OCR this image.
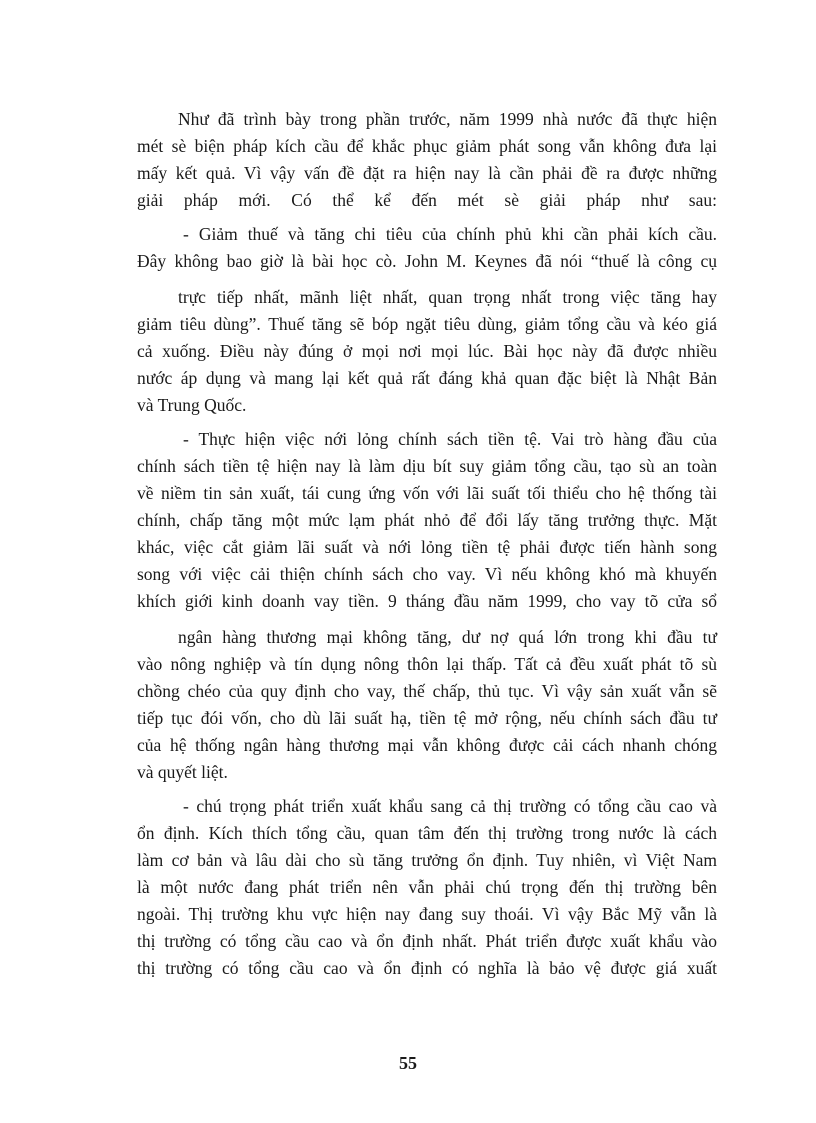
Như đã trình bày trong phần trước, năm 1999 nhà nước đã thực hiện

mét sè biện pháp kích cầu để khắc phục giảm phát song vẫn không đưa lại

mấy kết quả. Vì vậy vấn đề đặt ra hiện nay là cần phải đề ra được những

giải pháp mới. Có thể kể đến mét sè giải pháp như sau:

- Giảm thuế và tăng chi tiêu của chính phủ khi cần phải kích cầu.

Đây không bao giờ là bài học cò. John M. Keynes đã nói “thuế là công cụ

trực tiếp nhất, mãnh liệt nhất, quan trọng nhất trong việc tăng hay

giảm tiêu dùng”. Thuế tăng sẽ bóp ngặt tiêu dùng, giảm tổng cầu và kéo giá

cả xuống. Điều này đúng ở mọi nơi mọi lúc. Bài học này đã được nhiều

nước áp dụng và mang lại kết quả rất đáng khả quan đặc biệt là Nhật Bản

và Trung Quốc.

- Thực hiện việc nới lỏng chính sách tiền tệ. Vai trò hàng đầu của

chính sách tiền tệ hiện nay là làm dịu bít suy giảm tổng cầu, tạo sù an toàn

về niềm tin sản xuất, tái cung ứng vốn với lãi suất tối thiểu cho hệ thống tài

chính, chấp tăng một mức lạm phát nhỏ để đổi lấy tăng trưởng thực. Mặt

khác, việc cắt giảm lãi suất và nới lỏng tiền tệ phải được tiến hành song

song với việc cải thiện chính sách cho vay. Vì nếu không khó mà khuyến

khích giới kinh doanh vay tiền. 9 tháng đầu năm 1999, cho vay tõ cửa sổ

ngân hàng thương mại không tăng, dư nợ quá lớn trong khi đầu tư

vào nông nghiệp và tín dụng nông thôn lại thấp. Tất cả đều xuất phát tõ sù

chồng chéo của quy định cho vay, thế chấp, thủ tục. Vì vậy sản xuất vẫn sẽ

tiếp tục đói vốn, cho dù lãi suất hạ, tiền tệ mở rộng, nếu chính sách đầu tư

của hệ thống ngân hàng thương mại vẫn không được cải cách nhanh chóng

và quyết liệt.

- chú trọng phát triển xuất khẩu sang cả thị trường có tổng cầu cao và

ổn định. Kích thích tổng cầu, quan tâm đến thị trường trong nước là cách

làm cơ bản và lâu dài cho sù tăng trưởng ổn định. Tuy nhiên, vì Việt Nam

là một nước đang phát triển nên vẫn phải chú trọng đến thị trường bên

ngoài. Thị trường khu vực hiện nay đang suy thoái. Vì vậy Bắc Mỹ vẫn là

thị trường có tổng cầu cao và ổn định nhất. Phát triển được xuất khẩu vào

thị trường có tổng cầu cao và ổn định có nghĩa là bảo vệ được giá xuất

55
